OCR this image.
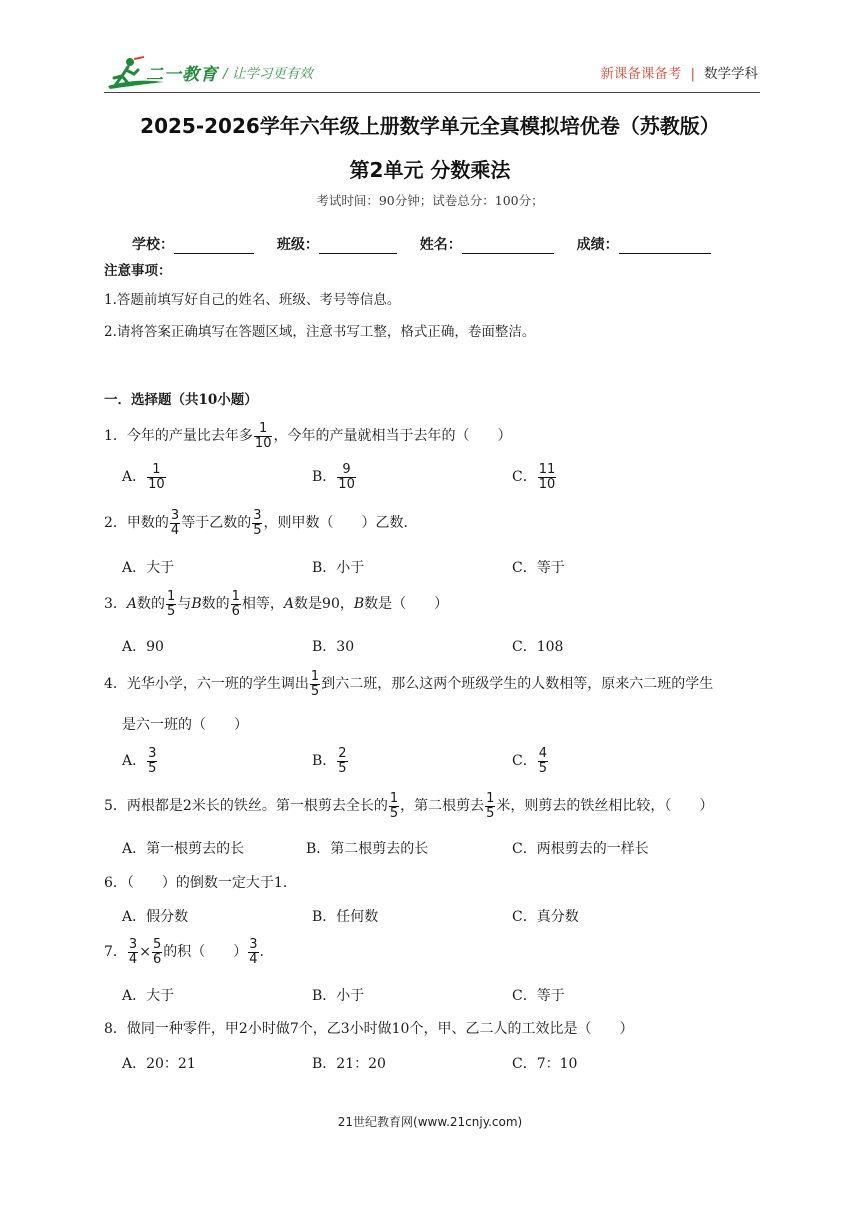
二一教育 / 让学习更有效	新课备课备考 | 数学学科
2025-2026学年六年级上册数学单元全真模拟培优卷（苏教版）
第2单元 分数乘法
考试时间：90分钟；试卷总分：100分；
学校：	班级：	姓名：	成绩：
注意事项：
1.答题前填写好自己的姓名、班级、考号等信息。
2.请将答案正确填写在答题区域，注意书写工整，格式正确，卷面整洁。
一．选择题（共10小题）
1．今年的产量比去年多 $\frac{1}{10}$ ，今年的产量就相当于去年的（　　）
A． $\frac{1}{10}$	B． $\frac{9}{10}$	C． $\frac{11}{10}$
2．甲数的 $\frac{3}{4}$ 等于乙数的 $\frac{3}{5}$ ，则甲数（　　）乙数．
A．大于	B．小于	C．等于
3．A数的 $\frac{1}{5}$ 与B数的 $\frac{1}{6}$ 相等，A数是90，B数是（　　）
A．90	B．30	C．108
4．光华小学，六一班的学生调出 $\frac{1}{5}$ 到六二班，那么这两个班级学生的人数相等，原来六二班的学生
是六一班的（　　）
A． $\frac{3}{5}$	B． $\frac{2}{5}$	C． $\frac{4}{5}$
5．两根都是2米长的铁丝。第一根剪去全长的 $\frac{1}{5}$ ，第二根剪去 $\frac{1}{5}$ 米，则剪去的铁丝相比较，（　　）
A．第一根剪去的长	B．第二根剪去的长	C．两根剪去的一样长
6．（　　）的倒数一定大于1．
A．假分数	B．任何数	C．真分数
7． $\frac{3}{4} \times \frac{5}{6}$ 的积（　　） $\frac{3}{4}$ .
A．大于	B．小于	C．等于
8．做同一种零件，甲2小时做7个，乙3小时做10个，甲、乙二人的工效比是（　　）
A．20：21	B．21：20	C．7：10
21世纪教育网(www.21cnjy.com)
